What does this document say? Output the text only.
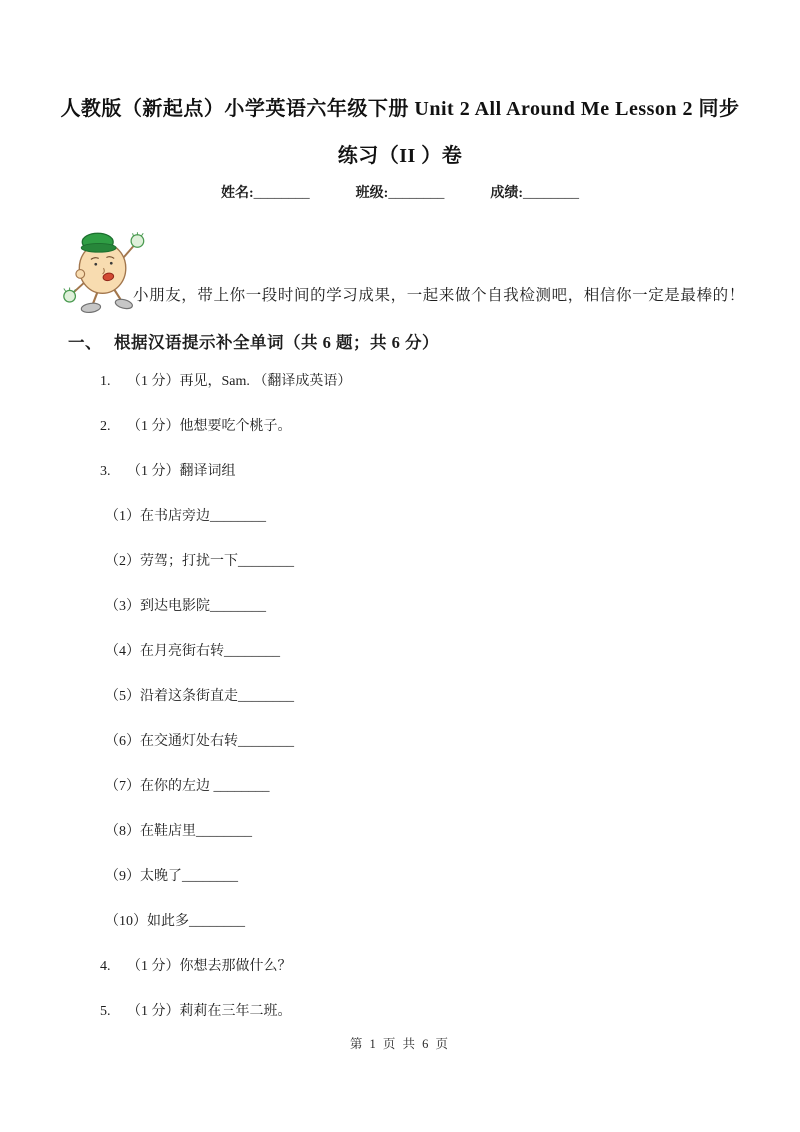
人教版（新起点）小学英语六年级下册 Unit 2 All Around Me Lesson 2 同步
练习（II ）卷
姓名:________	班级:________	成绩:________
小朋友，带上你一段时间的学习成果，一起来做个自我检测吧，相信你一定是最棒的！
一、 根据汉语提示补全单词（共 6 题；共 6 分）
1. （1 分）再见，Sam. （翻译成英语）
2. （1 分）他想要吃个桃子。
3. （1 分）翻译词组
（1）在书店旁边________
（2）劳驾；打扰一下________
（3）到达电影院________
（4）在月亮街右转________
（5）沿着这条街直走________
（6）在交通灯处右转________
（7）在你的左边 ________
（8）在鞋店里________
（9）太晚了________
（10）如此多________
4. （1 分）你想去那做什么？
5. （1 分）莉莉在三年二班。
第 1 页 共 6 页
